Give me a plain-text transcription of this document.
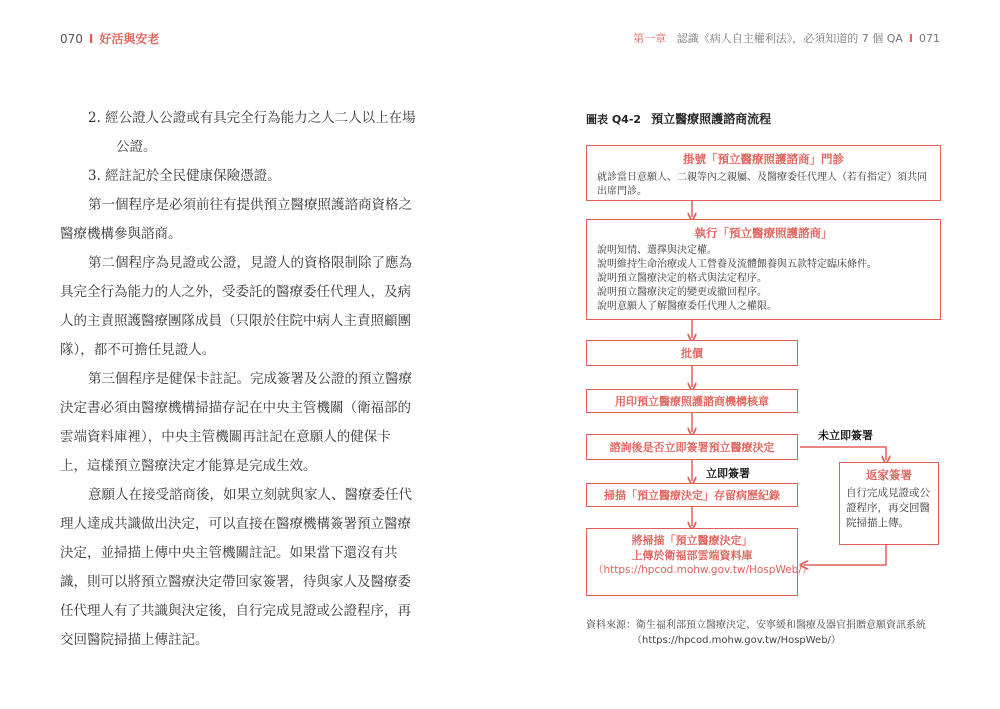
070 I 好活與安老	第一章 認識《病人自主權利法》，必須知道的 7 個 QA I 071

2. 經公證人公證或有具完全行為能力之人二人以上在場公證。

3. 經註記於全民健康保險憑證。

第一個程序是必須前往有提供預立醫療照護諮商資格之醫療機構參與諮商。

第二個程序為見證或公證，見證人的資格限制除了應為具完全行為能力的人之外，受委託的醫療委任代理人，及病人的主責照護醫療團隊成員（只限於住院中病人主責照顧團隊），都不可擔任見證人。

第三個程序是健保卡註記。完成簽署及公證的預立醫療決定書必須由醫療機構掃描存記在中央主管機關（衛福部的雲端資料庫裡），中央主管機關再註記在意願人的健保卡上，這樣預立醫療決定才能算是完成生效。

意願人在接受諮商後，如果立刻就與家人、醫療委任代理人達成共識做出決定，可以直接在醫療機構簽署預立醫療決定，並掃描上傳中央主管機關註記。如果當下還沒有共識，則可以將預立醫療決定帶回家簽署，待與家人及醫療委任代理人有了共識與決定後，自行完成見證或公證程序，再交回醫院掃描上傳註記。

圖表 Q4-2 預立醫療照護諮商流程
掛號「預立醫療照護諮商」門診
就診當日意願人、二親等內之親屬、及醫療委任代理人（若有指定）須共同出席門診。
執行「預立醫療照護諮商」
說明知情、選擇與決定權。
說明維持生命治療或人工營養及流體餵養與五款特定臨床條件。
說明預立醫療決定的格式與法定程序。
說明預立醫療決定的變更或撤回程序。
說明意願人了解醫療委任代理人之權限。
批價
用印預立醫療照護諮商機構核章
諮詢後是否立即簽署預立醫療決定
未立即簽署
立即簽署
掃描「預立醫療決定」存留病歷紀錄
返家簽署
自行完成見證或公證程序，再交回醫院掃描上傳。
將掃描「預立醫療決定」
上傳於衛福部雲端資料庫
（https://hpcod.mohw.gov.tw/HospWeb/）
資料來源：衛生福利部預立醫療決定、安寧緩和醫療及器官捐贈意願資訊系統
（https://hpcod.mohw.gov.tw/HospWeb/）
